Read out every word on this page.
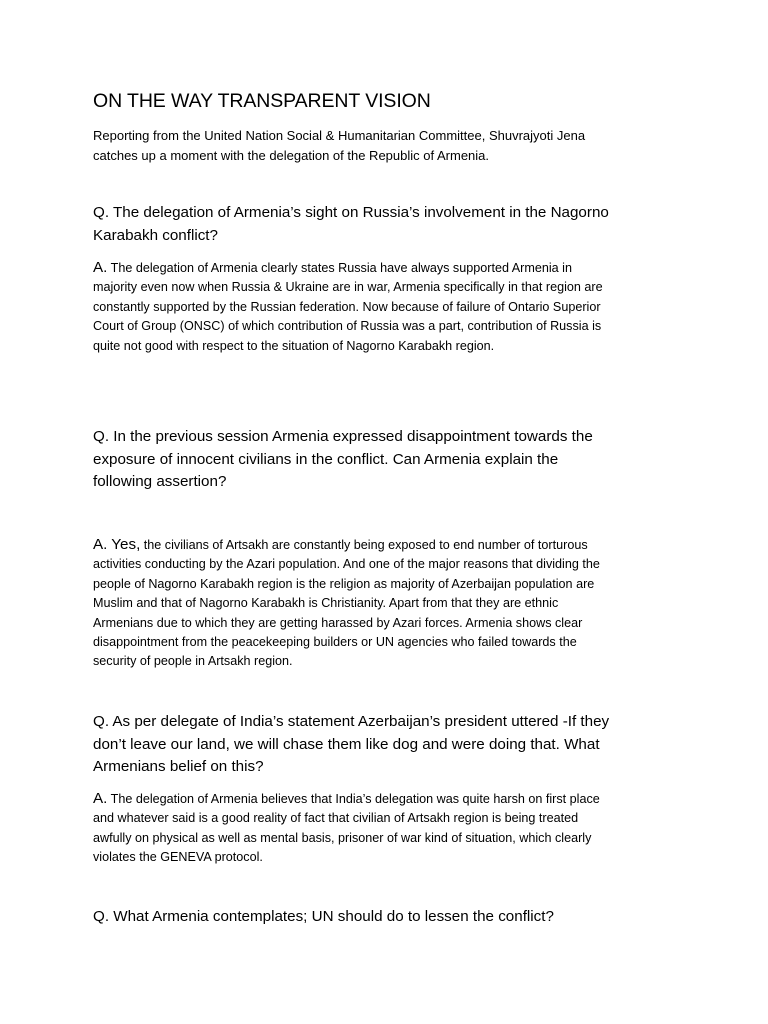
ON THE WAY TRANSPARENT VISION
Reporting from the United Nation Social & Humanitarian Committee, Shuvrajyoti Jena
catches up a moment with the delegation of the Republic of Armenia.
Q. The delegation of Armenia’s sight on Russia’s involvement in the Nagorno
Karabakh conflict?
A. The delegation of Armenia clearly states Russia have always supported Armenia in
majority even now when Russia & Ukraine are in war, Armenia specifically in that region are
constantly supported by the Russian federation. Now because of failure of Ontario Superior
Court of Group (ONSC) of which contribution of Russia was a part, contribution of Russia is
quite not good with respect to the situation of Nagorno Karabakh region.
Q. In the previous session Armenia expressed disappointment towards the
exposure of innocent civilians in the conflict. Can Armenia explain the
following assertion?
A. Yes, the civilians of Artsakh are constantly being exposed to end number of torturous
activities conducting by the Azari population. And one of the major reasons that dividing the
people of Nagorno Karabakh region is the religion as majority of Azerbaijan population are
Muslim and that of Nagorno Karabakh is Christianity. Apart from that they are ethnic
Armenians due to which they are getting harassed by Azari forces. Armenia shows clear
disappointment from the peacekeeping builders or UN agencies who failed towards the
security of people in Artsakh region.
Q. As per delegate of India’s statement Azerbaijan’s president uttered -If they
don’t leave our land, we will chase them like dog and were doing that. What
Armenians belief on this?
A. The delegation of Armenia believes that India’s delegation was quite harsh on first place
and whatever said is a good reality of fact that civilian of Artsakh region is being treated
awfully on physical as well as mental basis, prisoner of war kind of situation, which clearly
violates the GENEVA protocol.
Q. What Armenia contemplates; UN should do to lessen the conflict?
